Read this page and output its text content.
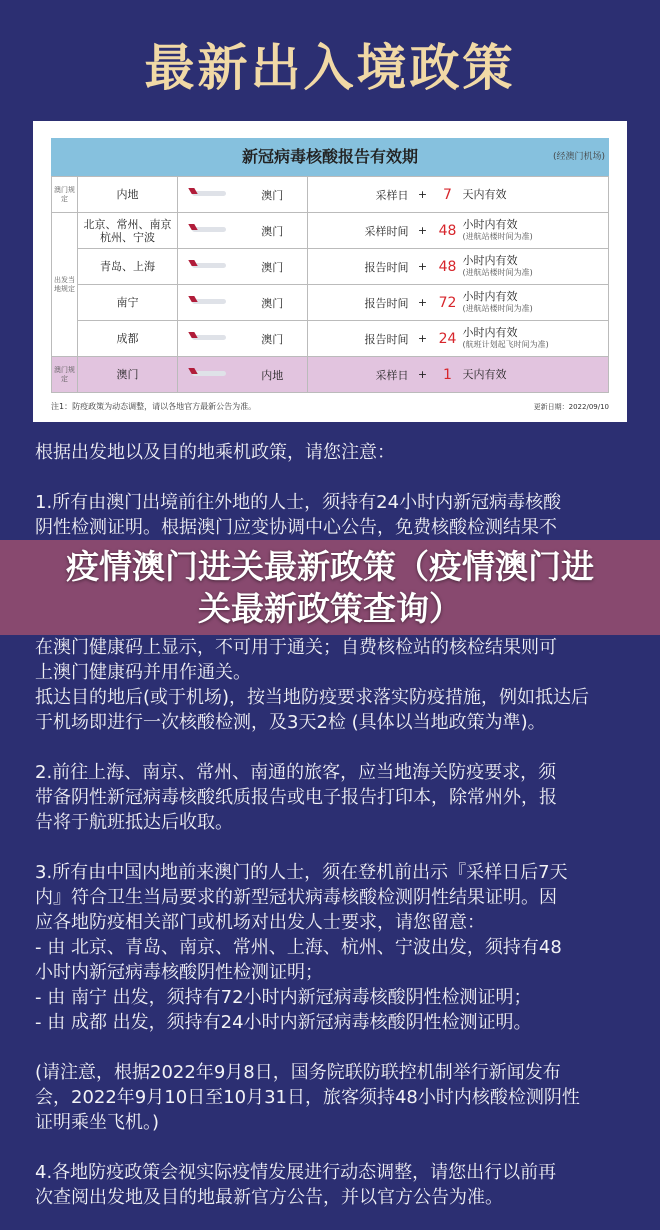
最新出入境政策
新冠病毒核酸报告有效期	(经澳门机场)
澳门规定	内地		澳门	采样日	+	7	天内有效
出发当地规定	北京、常州、南京 杭州、宁波		澳门	采样时间	+	48	小时内有效
(进航站楼时间为准)

	青岛、上海		澳门	报告时间	+	48	小时内有效
(进航站楼时间为准)

	南宁		澳门	报告时间	+	72	小时内有效
(进航站楼时间为准)

	成都		澳门	报告时间	+	24	小时内有效
(航班计划起飞时间为准)

澳门规定	澳门		内地	采样日	+	1	天内有效
注1：防疫政策为动态调整，请以各地官方最新公告为准。	更新日期：2022/09/10
根据出发地以及目的地乘机政策，请您注意：
1.所有由澳门出境前往外地的人士，须持有24小时内新冠病毒核酸
阴性检测证明。根据澳门应变协调中心公告，免费核酸检测结果不
疫情澳门进关最新政策（疫情澳门进
关最新政策查询）
在澳门健康码上显示，不可用于通关；自费核检站的核检结果则可
上澳门健康码并用作通关。
抵达目的地后(或于机场)，按当地防疫要求落实防疫措施，例如抵达后
于机场即进行一次核酸检测，及3天2检 (具体以当地政策为準)。
2.前往上海、南京、常州、南通的旅客，应当地海关防疫要求，须
带备阴性新冠病毒核酸纸质报告或电子报告打印本，除常州外，报
告将于航班抵达后收取。
3.所有由中国内地前来澳门的人士，须在登机前出示『采样日后7天
内』符合卫生当局要求的新型冠状病毒核酸检测阴性结果证明。因
应各地防疫相关部门或机场对出发人士要求，请您留意：
- 由 北京、青岛、南京、常州、上海、杭州、宁波出发，须持有48
小时内新冠病毒核酸阴性检测证明；
- 由 南宁 出发，须持有72小时内新冠病毒核酸阴性检测证明；
- 由 成都 出发，须持有24小时内新冠病毒核酸阴性检测证明。
(请注意，根据2022年9月8日，国务院联防联控机制举行新闻发布
会，2022年9月10日至10月31日，旅客须持48小时内核酸检测阴性
证明乘坐飞机。)
4.各地防疫政策会视实际疫情发展进行动态调整，请您出行以前再
次查阅出发地及目的地最新官方公告，并以官方公告为准。
